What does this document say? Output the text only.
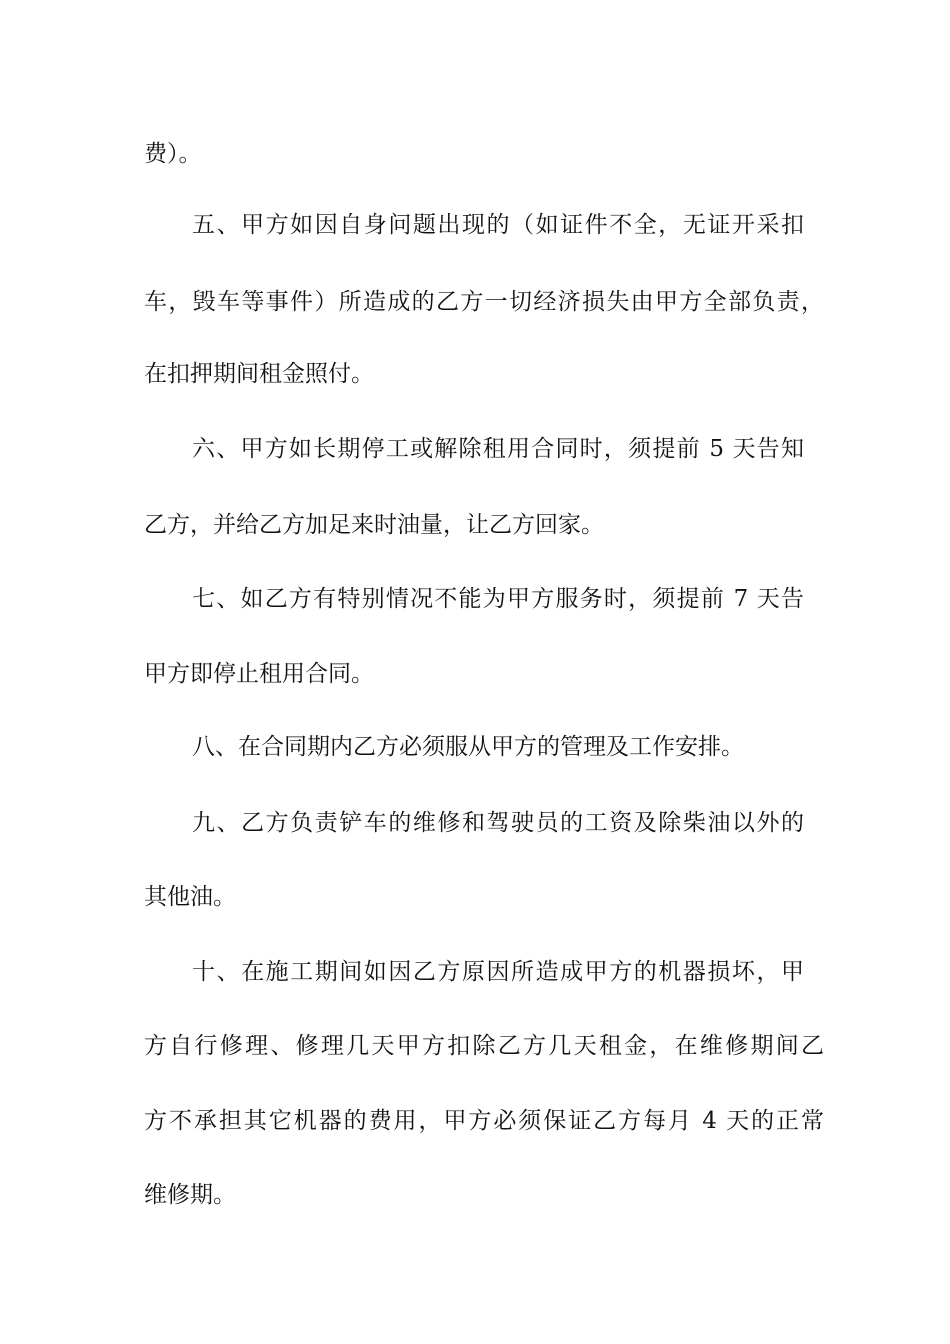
费）。
五、甲方如因自身问题出现的（如证件不全，无证开采扣
车，毁车等事件）所造成的乙方一切经济损失由甲方全部负责，
在扣押期间租金照付。
六、甲方如长期停工或解除租用合同时，须提前 5 天告知
乙方，并给乙方加足来时油量，让乙方回家。
七、如乙方有特别情况不能为甲方服务时，须提前 7 天告
甲方即停止租用合同。
八、在合同期内乙方必须服从甲方的管理及工作安排。
九、乙方负责铲车的维修和驾驶员的工资及除柴油以外的
其他油。
十、在施工期间如因乙方原因所造成甲方的机器损坏，甲
方自行修理、修理几天甲方扣除乙方几天租金，在维修期间乙
方不承担其它机器的费用，甲方必须保证乙方每月 4 天的正常
维修期。
